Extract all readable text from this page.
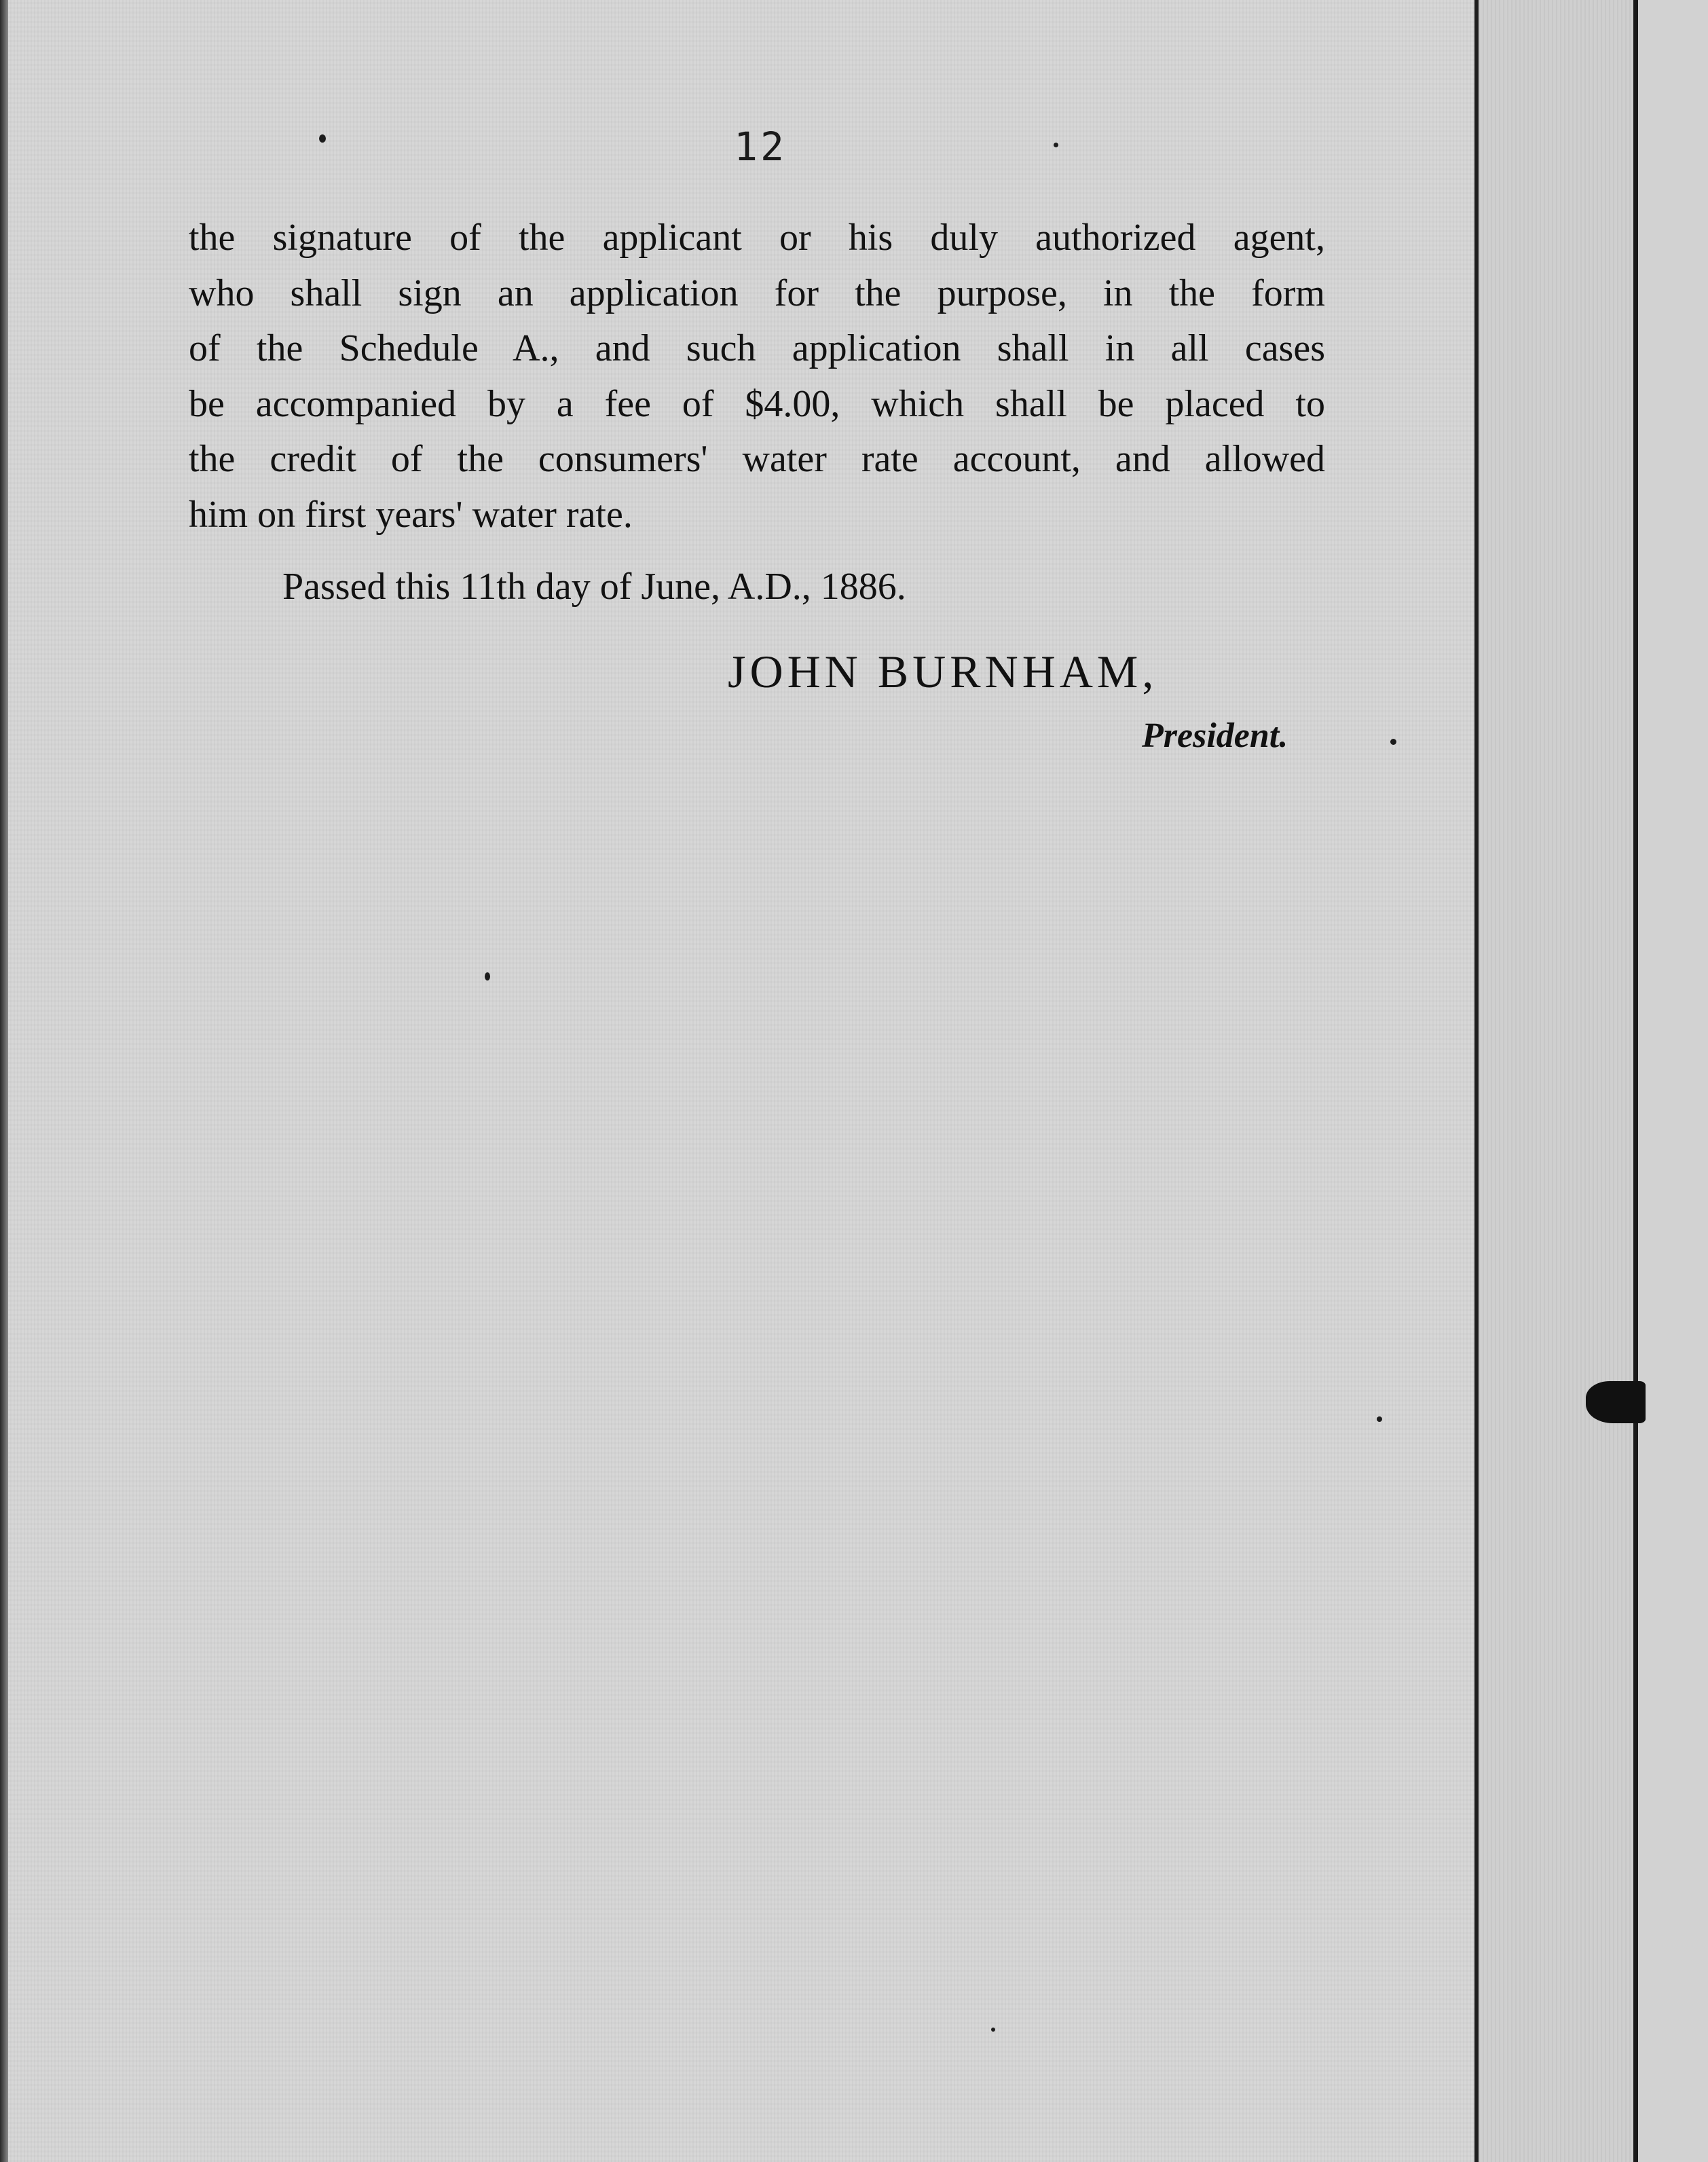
12
the signature of the applicant or his duly authorized agent,
who shall sign an application for the purpose, in the form
of the Schedule A., and such application shall in all cases
be accompanied by a fee of $4.00, which shall be placed to
the credit of the consumers' water rate account, and allowed
him on first years' water rate.
Passed this 11th day of June, A.D., 1886.
JOHN BURNHAM,
President.
